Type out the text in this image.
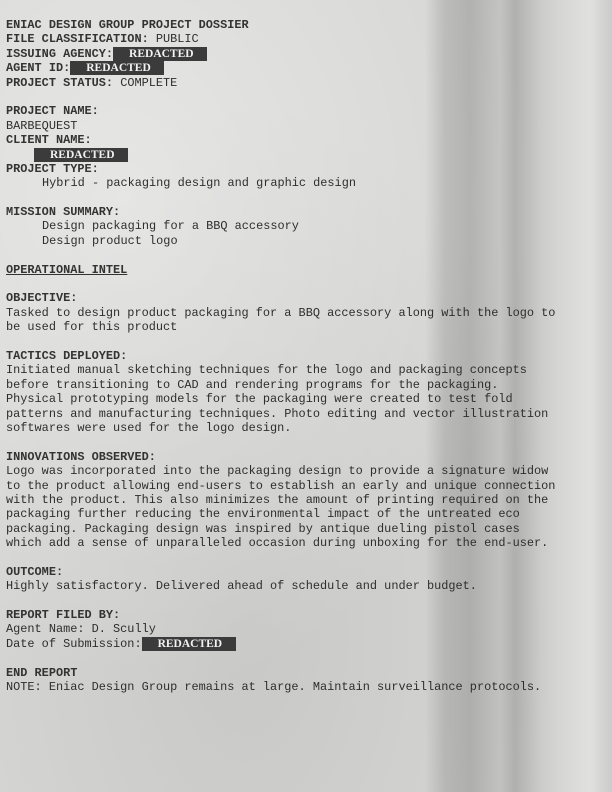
ENIAC DESIGN GROUP PROJECT DOSSIER
FILE CLASSIFICATION: PUBLIC
ISSUING AGENCY: REDACTED
AGENT ID: REDACTED
PROJECT STATUS: COMPLETE
PROJECT NAME:
BARBEQUEST
CLIENT NAME:
REDACTED
PROJECT TYPE:
Hybrid - packaging design and graphic design
MISSION SUMMARY:
Design packaging for a BBQ accessory
Design product logo
OPERATIONAL INTEL
OBJECTIVE:
Tasked to design product packaging for a BBQ accessory along with the logo to
be used for this product
TACTICS DEPLOYED:
Initiated manual sketching techniques for the logo and packaging concepts
before transitioning to CAD and rendering programs for the packaging.
Physical prototyping models for the packaging were created to test fold
patterns and manufacturing techniques. Photo editing and vector illustration
softwares were used for the logo design.
INNOVATIONS OBSERVED:
Logo was incorporated into the packaging design to provide a signature widow
to the product allowing end-users to establish an early and unique connection
with the product. This also minimizes the amount of printing required on the
packaging further reducing the environmental impact of the untreated eco
packaging. Packaging design was inspired by antique dueling pistol cases
which add a sense of unparalleled occasion during unboxing for the end-user.
OUTCOME:
Highly satisfactory. Delivered ahead of schedule and under budget.
REPORT FILED BY:
Agent Name: D. Scully
Date of Submission: REDACTED
END REPORT
NOTE: Eniac Design Group remains at large. Maintain surveillance protocols.
